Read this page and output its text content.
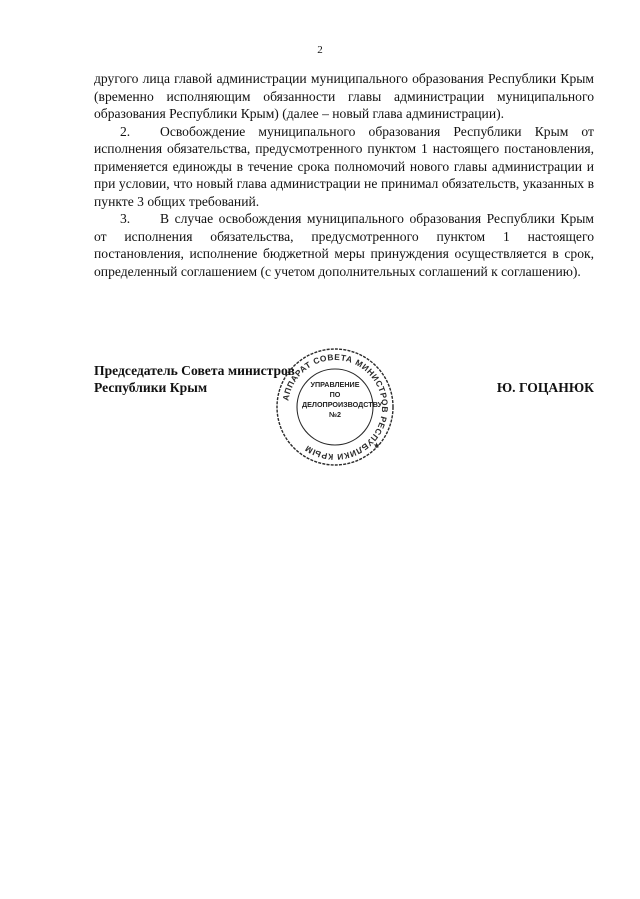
2

другого лица главой администрации муниципального образования Республики Крым (временно исполняющим обязанности главы администрации муниципального образования Республики Крым) (далее – новый глава администрации).

2. Освобождение муниципального образования Республики Крым от исполнения обязательства, предусмотренного пунктом 1 настоящего постановления, применяется единожды в течение срока полномочий нового главы администрации и при условии, что новый глава администрации не принимал обязательств, указанных в пункте 3 общих требований.

3. В случае освобождения муниципального образования Республики Крым от исполнения обязательства, предусмотренного пунктом 1 настоящего постановления, исполнение бюджетной меры принуждения осуществляется в срок, определенный соглашением (с учетом дополнительных соглашений к соглашению).

Председатель Совета министров
Республики Крым	Ю. ГОЦАНЮК
АППАРАТ СОВЕТА МИНИСТРОВ РЕСПУБЛИКИ КРЫМ	★
УПРАВЛЕНИЕ
ПО
ДЕЛОПРОИЗВОДСТВУ
№2
